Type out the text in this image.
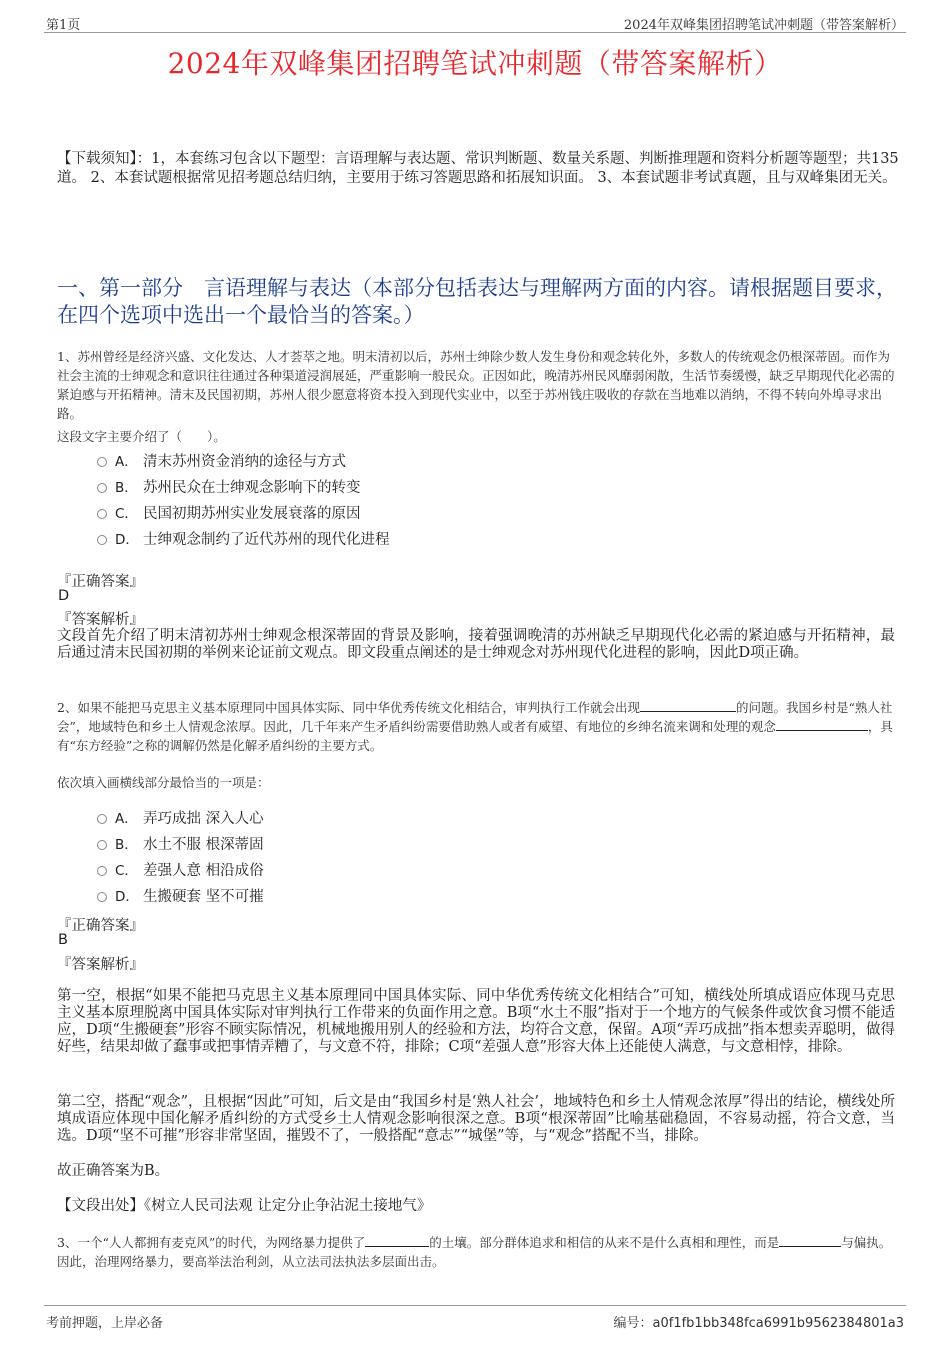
第1页	2024年双峰集团招聘笔试冲刺题（带答案解析）
2024年双峰集团招聘笔试冲刺题（带答案解析）
【下载须知】：1，本套练习包含以下题型：言语理解与表达题、常识判断题、数量关系题、判断推理题和资料分析题等题型；共135道。 2、本套试题根据常见招考题总结归纳，主要用于练习答题思路和拓展知识面。 3、本套试题非考试真题，且与双峰集团无关。
一、第一部分　言语理解与表达（本部分包括表达与理解两方面的内容。请根据题目要求，在四个选项中选出一个最恰当的答案。）
1、苏州曾经是经济兴盛、文化发达、人才荟萃之地。明末清初以后，苏州士绅除少数人发生身份和观念转化外，多数人的传统观念仍根深蒂固。而作为社会主流的士绅观念和意识往往通过各种渠道浸润展延，严重影响一般民众。正因如此，晚清苏州民风靡弱闲散，生活节奏缓慢，缺乏早期现代化必需的紧迫感与开拓精神。清末及民国初期，苏州人很少愿意将资本投入到现代实业中，以至于苏州钱庄吸收的存款在当地难以消纳，不得不转向外埠寻求出路。
这段文字主要介绍了（　　）。
A． 清末苏州资金消纳的途径与方式
B． 苏州民众在士绅观念影响下的转变
C． 民国初期苏州实业发展衰落的原因
D． 士绅观念制约了近代苏州的现代化进程
『正确答案』
D
『答案解析』
文段首先介绍了明末清初苏州士绅观念根深蒂固的背景及影响，接着强调晚清的苏州缺乏早期现代化必需的紧迫感与开拓精神，最后通过清末民国初期的举例来论证前文观点。即文段重点阐述的是士绅观念对苏州现代化进程的影响，因此D项正确。
2、如果不能把马克思主义基本原理同中国具体实际、同中华优秀传统文化相结合，审判执行工作就会出现	的问题。我国乡村是“熟人社会”，地域特色和乡土人情观念浓厚。因此，几千年来产生矛盾纠纷需要借助熟人或者有威望、有地位的乡绅名流来调和处理的观念	，具有“东方经验”之称的调解仍然是化解矛盾纠纷的主要方式。
依次填入画横线部分最恰当的一项是：
A． 弄巧成拙 深入人心
B． 水土不服 根深蒂固
C． 差强人意 相沿成俗
D． 生搬硬套 坚不可摧
『正确答案』
B
『答案解析』
第一空，根据“如果不能把马克思主义基本原理同中国具体实际、同中华优秀传统文化相结合”可知，横线处所填成语应体现马克思主义基本原理脱离中国具体实际对审判执行工作带来的负面作用之意。B项“水土不服”指对于一个地方的气候条件或饮食习惯不能适应，D项“生搬硬套”形容不顾实际情况，机械地搬用别人的经验和方法，均符合文意，保留。A项“弄巧成拙”指本想卖弄聪明，做得好些，结果却做了蠢事或把事情弄糟了，与文意不符，排除；C项“差强人意”形容大体上还能使人满意，与文意相悖，排除。
第二空，搭配“观念”，且根据“因此”可知，后文是由“我国乡村是‘熟人社会’，地域特色和乡土人情观念浓厚”得出的结论，横线处所填成语应体现中国化解矛盾纠纷的方式受乡土人情观念影响很深之意。B项“根深蒂固”比喻基础稳固，不容易动摇，符合文意，当选。D项“坚不可摧”形容非常坚固，摧毁不了，一般搭配“意志”“城堡”等，与“观念”搭配不当，排除。
故正确答案为B。
【文段出处】《树立人民司法观 让定分止争沾泥土接地气》
3、一个“人人都拥有麦克风”的时代，为网络暴力提供了	的土壤。部分群体追求和相信的从来不是什么真相和理性，而是	与偏执。因此，治理网络暴力，要高举法治利剑，从立法司法执法多层面出击。
考前押题，上岸必备	编号：a0f1fb1bb348fca6991b9562384801a3
